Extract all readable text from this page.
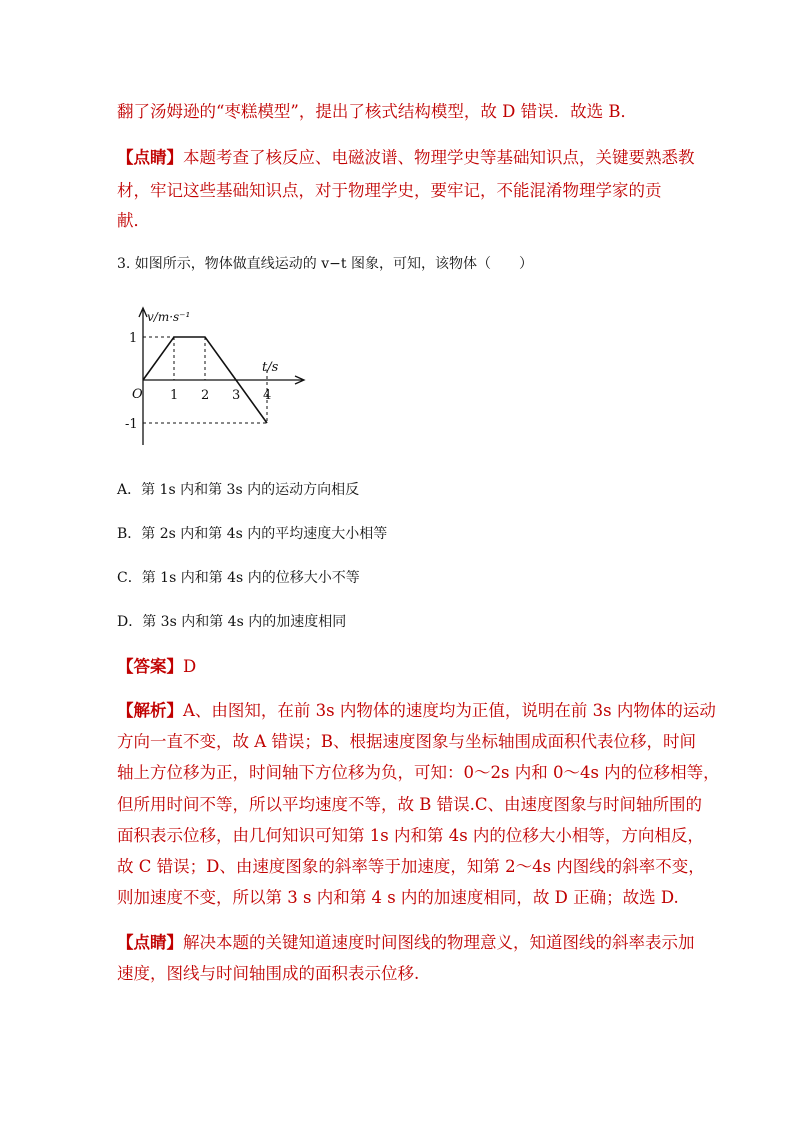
翻了汤姆逊的“枣糕模型”，提出了核式结构模型，故 D 错误．故选 B．
【点睛】本题考查了核反应、电磁波谱、物理学史等基础知识点，关键要熟悉教
材，牢记这些基础知识点，对于物理学史，要牢记，不能混淆物理学家的贡
献．
3. 如图所示，物体做直线运动的 v−t 图象，可知，该物体（　　）
v/m·s⁻¹
t/s
O 1 2 3 4
1
-1
A．第 1s 内和第 3s 内的运动方向相反
B．第 2s 内和第 4s 内的平均速度大小相等
C．第 1s 内和第 4s 内的位移大小不等
D．第 3s 内和第 4s 内的加速度相同
【答案】D
【解析】A、由图知，在前 3s 内物体的速度均为正值，说明在前 3s 内物体的运动
方向一直不变，故 A 错误；B、根据速度图象与坐标轴围成面积代表位移，时间
轴上方位移为正，时间轴下方位移为负，可知：0～2s 内和 0～4s 内的位移相等，
但所用时间不等，所以平均速度不等，故 B 错误.C、由速度图象与时间轴所围的
面积表示位移，由几何知识可知第 1s 内和第 4s 内的位移大小相等，方向相反，
故 C 错误；D、由速度图象的斜率等于加速度，知第 2～4s 内图线的斜率不变，
则加速度不变，所以第 3 s 内和第 4 s 内的加速度相同，故 D 正确；故选 D.
【点睛】解决本题的关键知道速度时间图线的物理意义，知道图线的斜率表示加
速度，图线与时间轴围成的面积表示位移.
